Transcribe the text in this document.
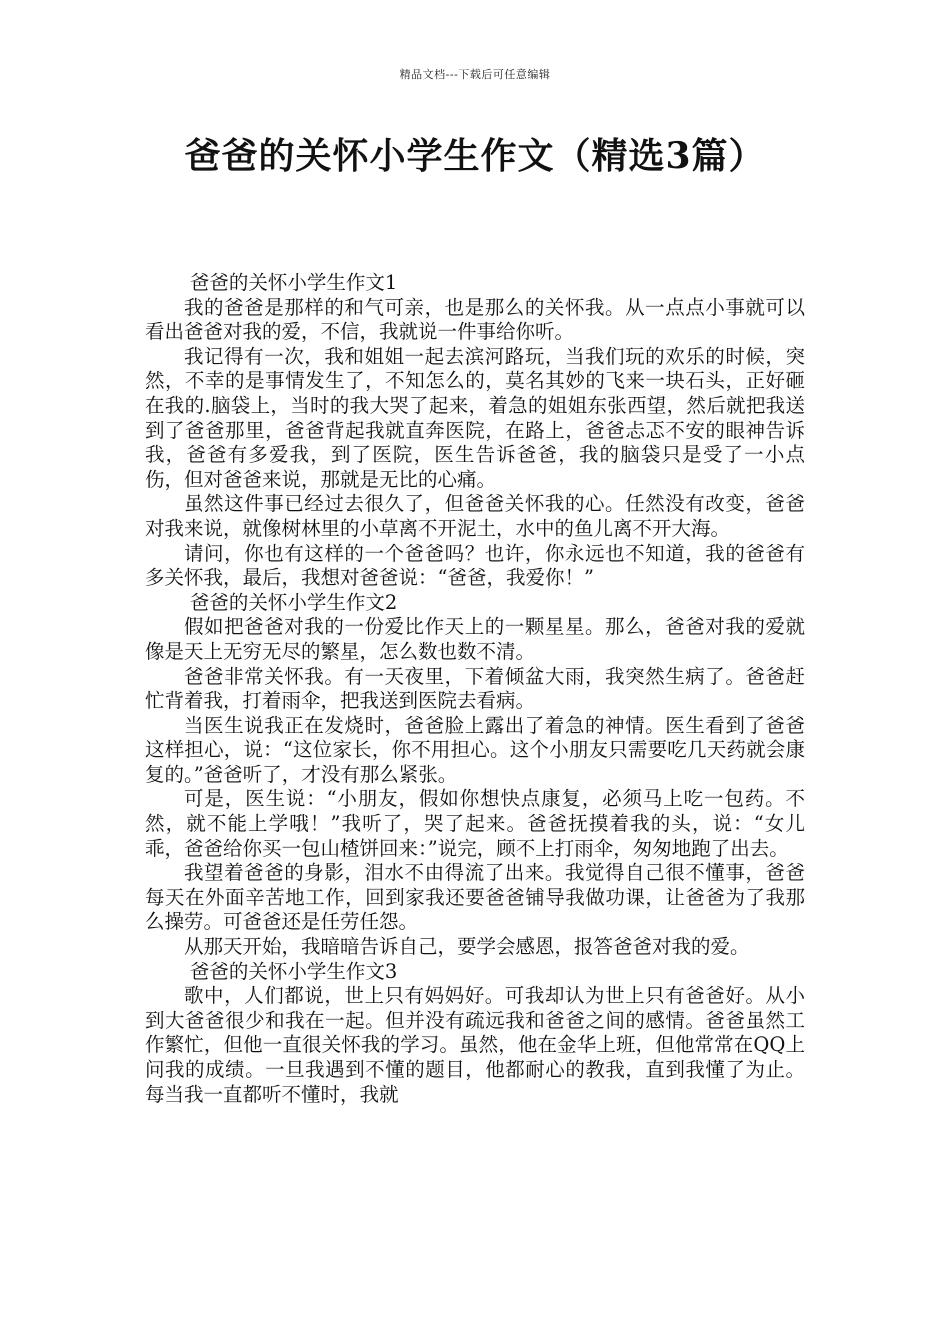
精品文档---下载后可任意编辑
爸爸的关怀小学生作文（精选3篇）

爸爸的关怀小学生作文1

我的爸爸是那样的和气可亲，也是那么的关怀我。从一点点小事就可以看出爸爸对我的爱，不信，我就说一件事给你听。

我记得有一次，我和姐姐一起去滨河路玩，当我们玩的欢乐的时候，突然，不幸的是事情发生了，不知怎么的，莫名其妙的飞来一块石头，正好砸在我的.脑袋上，当时的我大哭了起来，着急的姐姐东张西望，然后就把我送到了爸爸那里，爸爸背起我就直奔医院，在路上，爸爸忐忑不安的眼神告诉我，爸爸有多爱我，到了医院，医生告诉爸爸，我的脑袋只是受了一小点伤，但对爸爸来说，那就是无比的心痛。

虽然这件事已经过去很久了，但爸爸关怀我的心。任然没有改变，爸爸对我来说，就像树林里的小草离不开泥土，水中的鱼儿离不开大海。

请问，你也有这样的一个爸爸吗？也许，你永远也不知道，我的爸爸有多关怀我，最后，我想对爸爸说：“爸爸，我爱你！”

爸爸的关怀小学生作文2

假如把爸爸对我的一份爱比作天上的一颗星星。那么，爸爸对我的爱就像是天上无穷无尽的繁星，怎么数也数不清。

爸爸非常关怀我。有一天夜里，下着倾盆大雨，我突然生病了。爸爸赶忙背着我，打着雨伞，把我送到医院去看病。

当医生说我正在发烧时，爸爸脸上露出了着急的神情。医生看到了爸爸这样担心，说：“这位家长，你不用担心。这个小朋友只需要吃几天药就会康复的。”爸爸听了，才没有那么紧张。

可是，医生说：“小朋友，假如你想快点康复，必须马上吃一包药。不然，就不能上学哦！”我听了，哭了起来。爸爸抚摸着我的头，说：“女儿乖，爸爸给你买一包山楂饼回来：”说完，顾不上打雨伞，匆匆地跑了出去。

我望着爸爸的身影，泪水不由得流了出来。我觉得自己很不懂事，爸爸每天在外面辛苦地工作，回到家我还要爸爸铺导我做功课，让爸爸为了我那么操劳。可爸爸还是任劳任怨。

从那天开始，我暗暗告诉自己，要学会感恩，报答爸爸对我的爱。

爸爸的关怀小学生作文3

歌中，人们都说，世上只有妈妈好。可我却认为世上只有爸爸好。从小到大爸爸很少和我在一起。但并没有疏远我和爸爸之间的感情。爸爸虽然工作繁忙，但他一直很关怀我的学习。虽然，他在金华上班，但他常常在QQ上问我的成绩。一旦我遇到不懂的题目，他都耐心的教我，直到我懂了为止。每当我一直都听不懂时，我就
